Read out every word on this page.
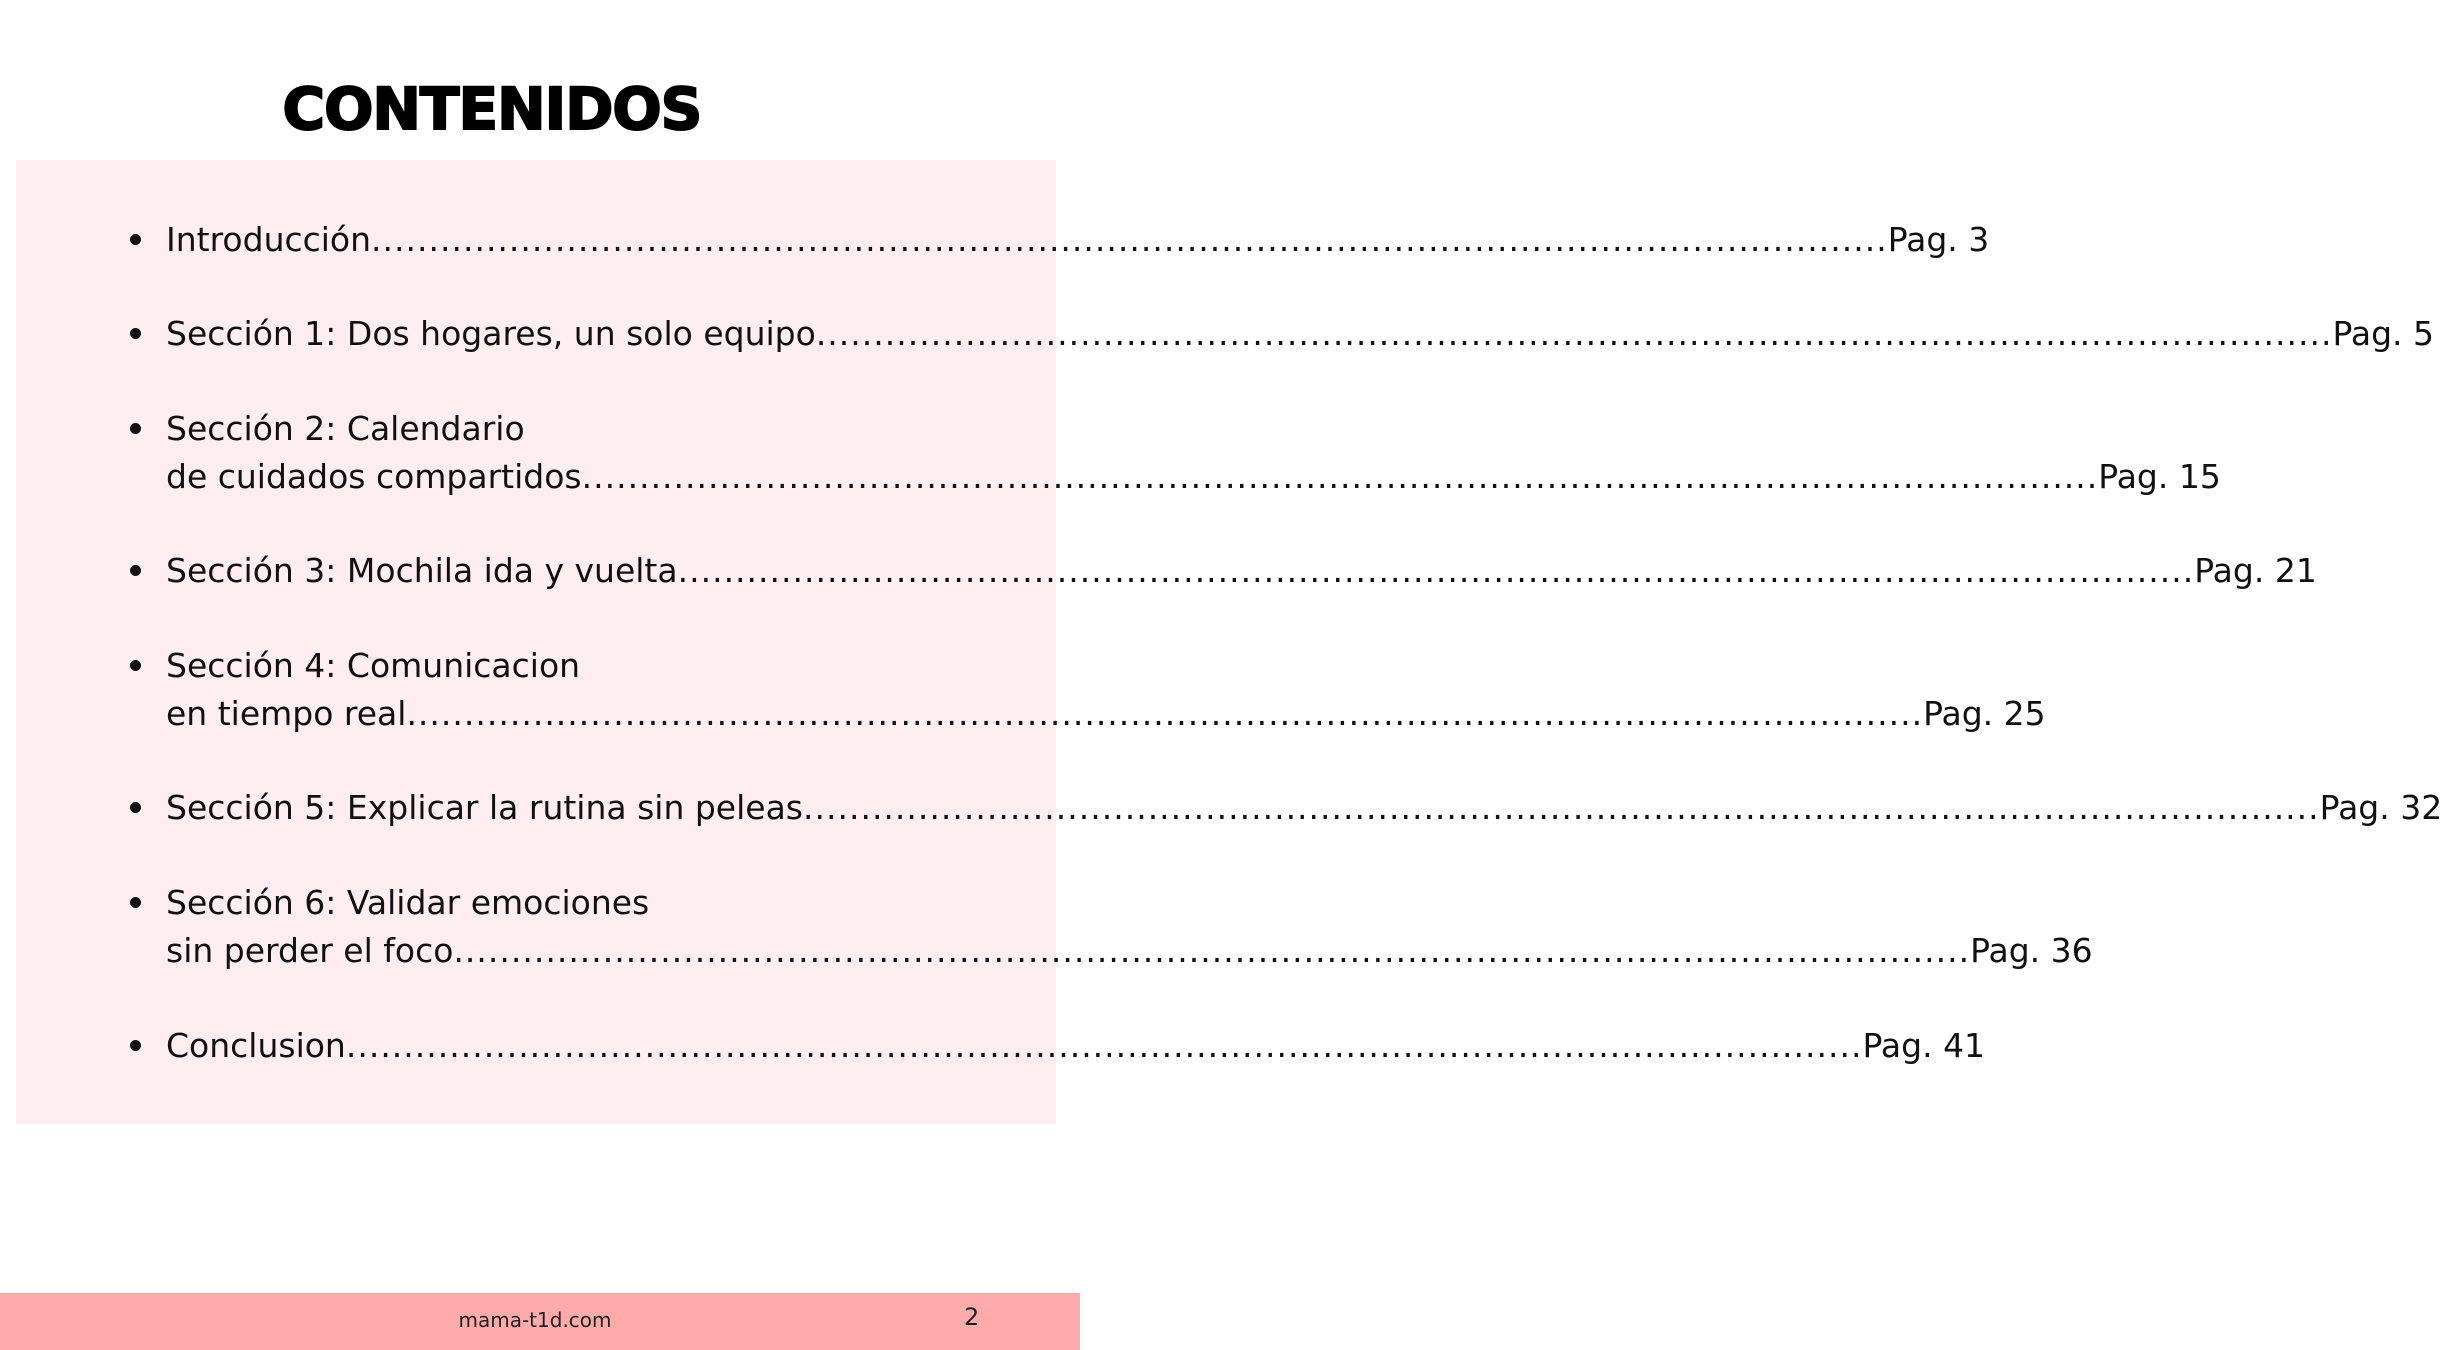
CONTENIDOS
Introducción .................................................................................................................................... Pag. 3
Sección 1: Dos hogares, un solo equipo .................................................................................................................................... Pag. 5
Sección 2: Calendario
de cuidados compartidos .................................................................................................................................... Pag. 15
Sección 3: Mochila ida y vuelta .................................................................................................................................... Pag. 21
Sección 4: Comunicacion
en tiempo real .................................................................................................................................... Pag. 25
Sección 5: Explicar la rutina sin peleas .................................................................................................................................... Pag. 32
Sección 6: Validar emociones
sin perder el foco .................................................................................................................................... Pag. 36
Conclusion .................................................................................................................................... Pag. 41
mama-t1d.com	2
